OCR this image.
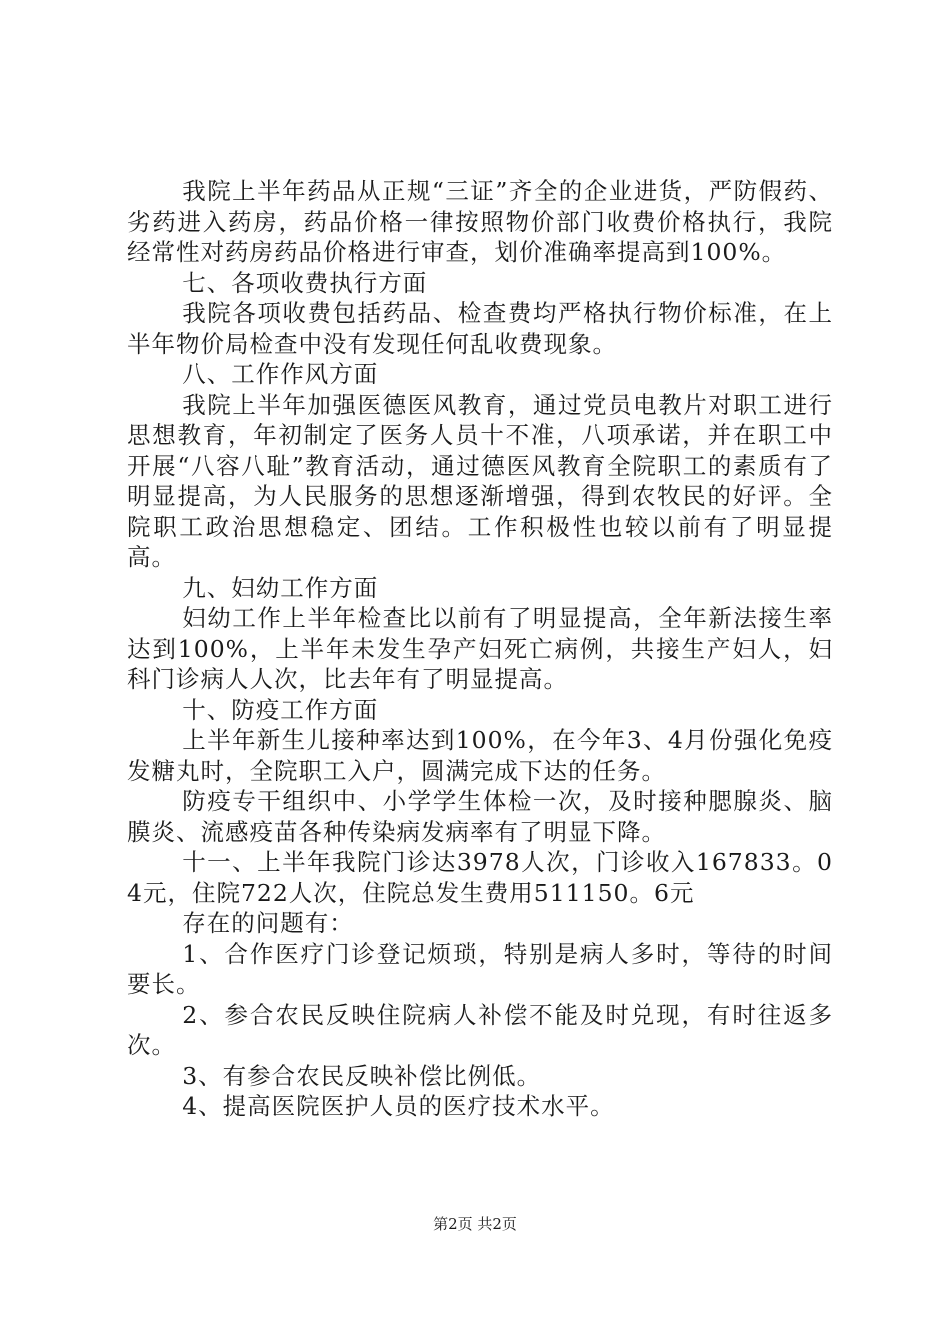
我院上半年药品从正规“三证”齐全的企业进货，严防假药、劣药进入药房，药品价格一律按照物价部门收费价格执行，我院经常性对药房药品价格进行审查，划价准确率提高到100%。

七、各项收费执行方面

我院各项收费包括药品、检查费均严格执行物价标准，在上半年物价局检查中没有发现任何乱收费现象。

八、工作作风方面

我院上半年加强医德医风教育，通过党员电教片对职工进行思想教育，年初制定了医务人员十不准，八项承诺，并在职工中开展“八容八耻”教育活动，通过德医风教育全院职工的素质有了明显提高，为人民服务的思想逐渐增强，得到农牧民的好评。全院职工政治思想稳定、团结。工作积极性也较以前有了明显提高。

九、妇幼工作方面

妇幼工作上半年检查比以前有了明显提高，全年新法接生率达到100%，上半年未发生孕产妇死亡病例，共接生产妇人，妇科门诊病人人次，比去年有了明显提高。

十、防疫工作方面

上半年新生儿接种率达到100%，在今年3、4月份强化免疫发糖丸时，全院职工入户，圆满完成下达的任务。

防疫专干组织中、小学学生体检一次，及时接种腮腺炎、脑膜炎、流感疫苗各种传染病发病率有了明显下降。

十一、上半年我院门诊达3978人次，门诊收入167833。04元，住院722人次，住院总发生费用511150。6元

存在的问题有：

1、合作医疗门诊登记烦琐，特别是病人多时，等待的时间要长。

2、参合农民反映住院病人补偿不能及时兑现，有时往返多次。

3、有参合农民反映补偿比例低。

4、提高医院医护人员的医疗技术水平。

第2页 共2页
